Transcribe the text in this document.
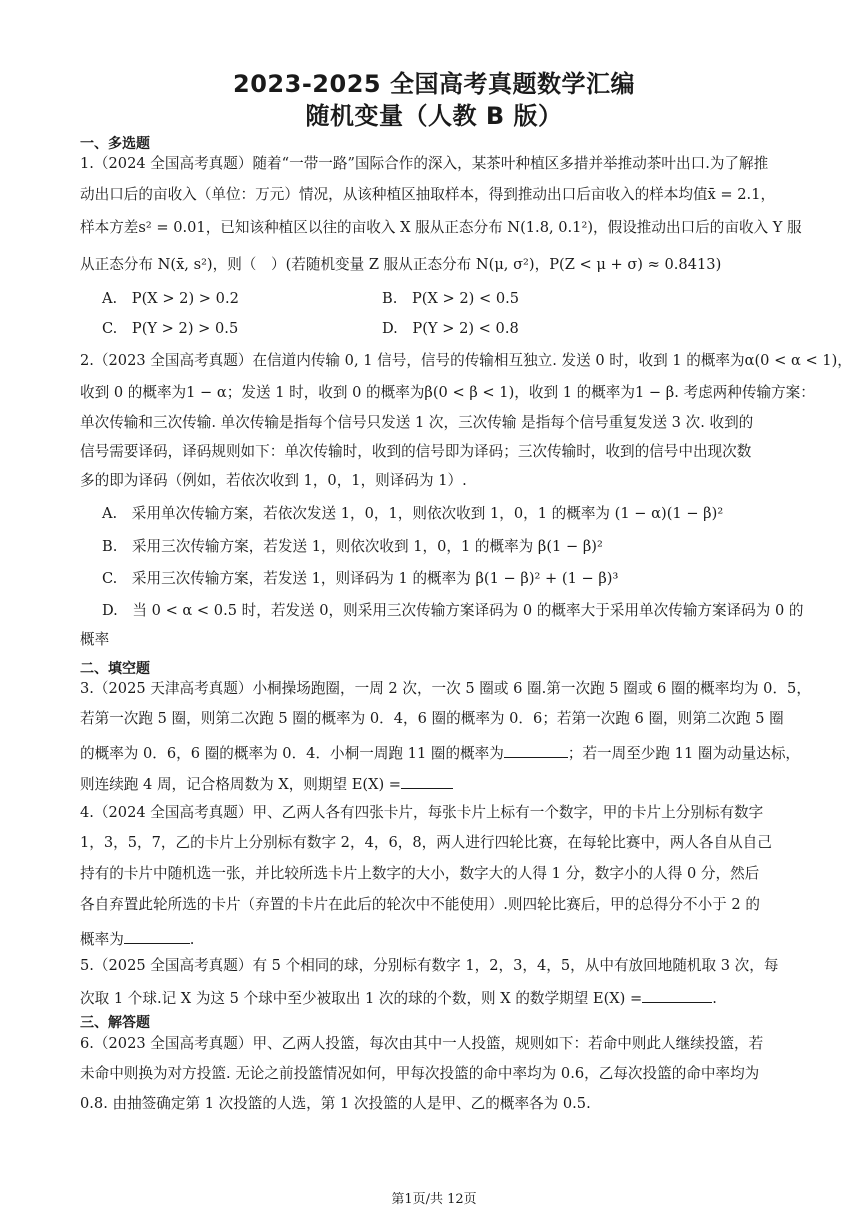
2023-2025 全国高考真题数学汇编
随机变量（人教 B 版）
一、多选题
1.（2024 全国高考真题）随着“一带一路”国际合作的深入，某茶叶种植区多措并举推动茶叶出口.为了解推
动出口后的亩收入（单位：万元）情况，从该种植区抽取样本，得到推动出口后亩收入的样本均值x̄ = 2.1，
样本方差s² = 0.01，已知该种植区以往的亩收入 X 服从正态分布 N(1.8, 0.1²)，假设推动出口后的亩收入 Y 服
从正态分布 N(x̄, s²)，则（　）(若随机变量 Z 服从正态分布 N(μ, σ²)，P(Z < μ + σ) ≈ 0.8413)
A.　P(X > 2) > 0.2	B.　P(X > 2) < 0.5
C.　P(Y > 2) > 0.5	D.　P(Y > 2) < 0.8
2.（2023 全国高考真题）在信道内传输 0, 1 信号，信号的传输相互独立. 发送 0 时，收到 1 的概率为α(0 < α < 1)，
收到 0 的概率为1 − α；发送 1 时，收到 0 的概率为β(0 < β < 1)，收到 1 的概率为1 − β. 考虑两种传输方案：
单次传输和三次传输. 单次传输是指每个信号只发送 1 次，三次传输 是指每个信号重复发送 3 次. 收到的
信号需要译码，译码规则如下：单次传输时，收到的信号即为译码；三次传输时，收到的信号中出现次数
多的即为译码（例如，若依次收到 1，0，1，则译码为 1）.
A.　采用单次传输方案，若依次发送 1，0，1，则依次收到 1，0，1 的概率为 (1 − α)(1 − β)²
B.　采用三次传输方案，若发送 1，则依次收到 1，0，1 的概率为 β(1 − β)²
C.　采用三次传输方案，若发送 1，则译码为 1 的概率为 β(1 − β)² + (1 − β)³
D.　当 0 < α < 0.5 时，若发送 0，则采用三次传输方案译码为 0 的概率大于采用单次传输方案译码为 0 的
概率
二、填空题
3.（2025 天津高考真题）小桐操场跑圈，一周 2 次，一次 5 圈或 6 圈.第一次跑 5 圈或 6 圈的概率均为 0．5，
若第一次跑 5 圈，则第二次跑 5 圈的概率为 0．4，6 圈的概率为 0．6；若第一次跑 6 圈，则第二次跑 5 圈
的概率为 0．6，6 圈的概率为 0．4．小桐一周跑 11 圈的概率为	；若一周至少跑 11 圈为动量达标，
则连续跑 4 周，记合格周数为 X，则期望 E(X) =
4.（2024 全国高考真题）甲、乙两人各有四张卡片，每张卡片上标有一个数字，甲的卡片上分别标有数字
1，3，5，7，乙的卡片上分别标有数字 2，4，6，8，两人进行四轮比赛，在每轮比赛中，两人各自从自己
持有的卡片中随机选一张，并比较所选卡片上数字的大小，数字大的人得 1 分，数字小的人得 0 分，然后
各自弃置此轮所选的卡片（弃置的卡片在此后的轮次中不能使用）.则四轮比赛后，甲的总得分不小于 2 的
概率为	.
5.（2025 全国高考真题）有 5 个相同的球，分别标有数字 1，2，3，4，5，从中有放回地随机取 3 次，每
次取 1 个球.记 X 为这 5 个球中至少被取出 1 次的球的个数，则 X 的数学期望 E(X) =	.
三、解答题
6.（2023 全国高考真题）甲、乙两人投篮，每次由其中一人投篮，规则如下：若命中则此人继续投篮，若
未命中则换为对方投篮. 无论之前投篮情况如何，甲每次投篮的命中率均为 0.6，乙每次投篮的命中率均为
0.8. 由抽签确定第 1 次投篮的人选，第 1 次投篮的人是甲、乙的概率各为 0.5.
第1页/共 12页
